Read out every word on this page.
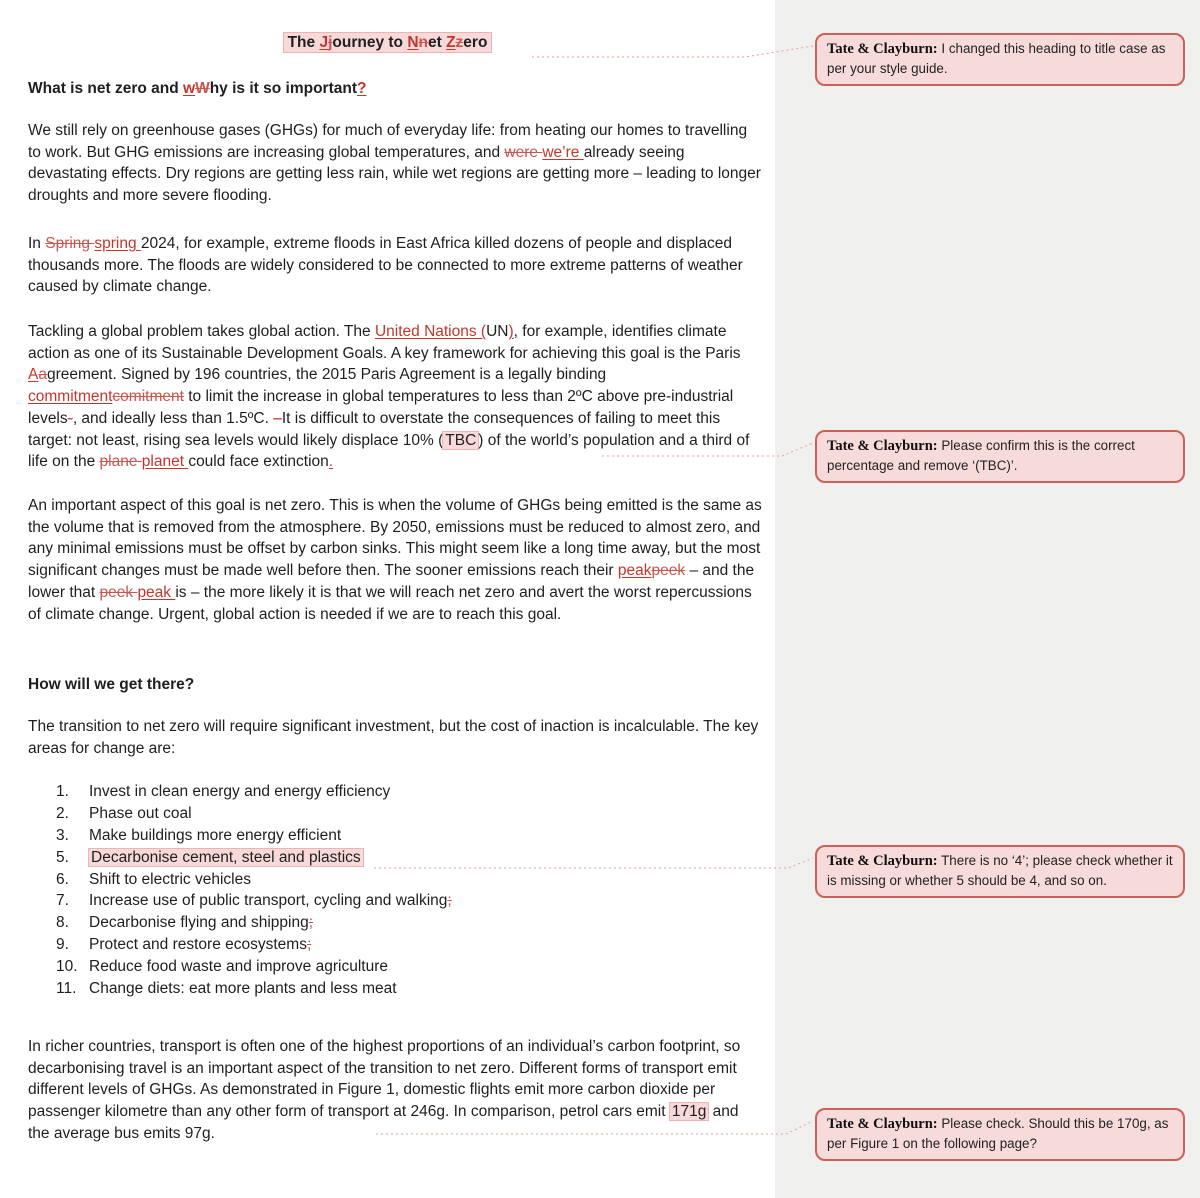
The Jjourney to Nnet Zzero
What is net zero and wWhy is it so important?
We still rely on greenhouse gases (GHGs) for much of everyday life: from heating our homes to travelling to work. But GHG emissions are increasing global temperatures, and were we’re already seeing devastating effects. Dry regions are getting less rain, while wet regions are getting more – leading to longer droughts and more severe flooding.
In Spring spring 2024, for example, extreme floods in East Africa killed dozens of people and displaced thousands more. The floods are widely considered to be connected to more extreme patterns of weather caused by climate change.
Tackling a global problem takes global action. The United Nations (UN), for example, identifies climate action as one of its Sustainable Development Goals. A key framework for achieving this goal is the Paris Aagreement. Signed by 196 countries, the 2015 Paris Agreement is a legally binding commitmentcomitment to limit the increase in global temperatures to less than 2ºC above pre-industrial levels-, and ideally less than 1.5ºC. –It is difficult to overstate the consequences of failing to meet this target: not least, rising sea levels would likely displace 10% ( TBC ) of the world’s population and a third of life on the plane planet could face extinction.
An important aspect of this goal is net zero. This is when the volume of GHGs being emitted is the same as the volume that is removed from the atmosphere. By 2050, emissions must be reduced to almost zero, and any minimal emissions must be offset by carbon sinks. This might seem like a long time away, but the most significant changes must be made well before then. The sooner emissions reach their peakpeek – and the lower that peek peak is – the more likely it is that we will reach net zero and avert the worst repercussions of climate change. Urgent, global action is needed if we are to reach this goal.
How will we get there?
The transition to net zero will require significant investment, but the cost of inaction is incalculable. The key areas for change are:
1.	Invest in clean energy and energy efficiency
2.	Phase out coal
3.	Make buildings more energy efficient
5.	Decarbonise cement, steel and plastics
6.	Shift to electric vehicles
7.	Increase use of public transport, cycling and walking;
8.	Decarbonise flying and shipping;
9.	Protect and restore ecosystems;
10. Reduce food waste and improve agriculture
11. Change diets: eat more plants and less meat
In richer countries, transport is often one of the highest proportions of an individual’s carbon footprint, so decarbonising travel is an important aspect of the transition to net zero. Different forms of transport emit different levels of GHGs. As demonstrated in Figure 1, domestic flights emit more carbon dioxide per passenger kilometre than any other form of transport at 246g. In comparison, petrol cars emit 171g and the average bus emits 97g.
Tate & Clayburn: I changed this heading to title case as per your style guide.
Tate & Clayburn: Please confirm this is the correct percentage and remove ‘(TBC)’.
Tate & Clayburn: There is no ‘4’; please check whether it is missing or whether 5 should be 4, and so on.
Tate & Clayburn: Please check. Should this be 170g, as per Figure 1 on the following page?
